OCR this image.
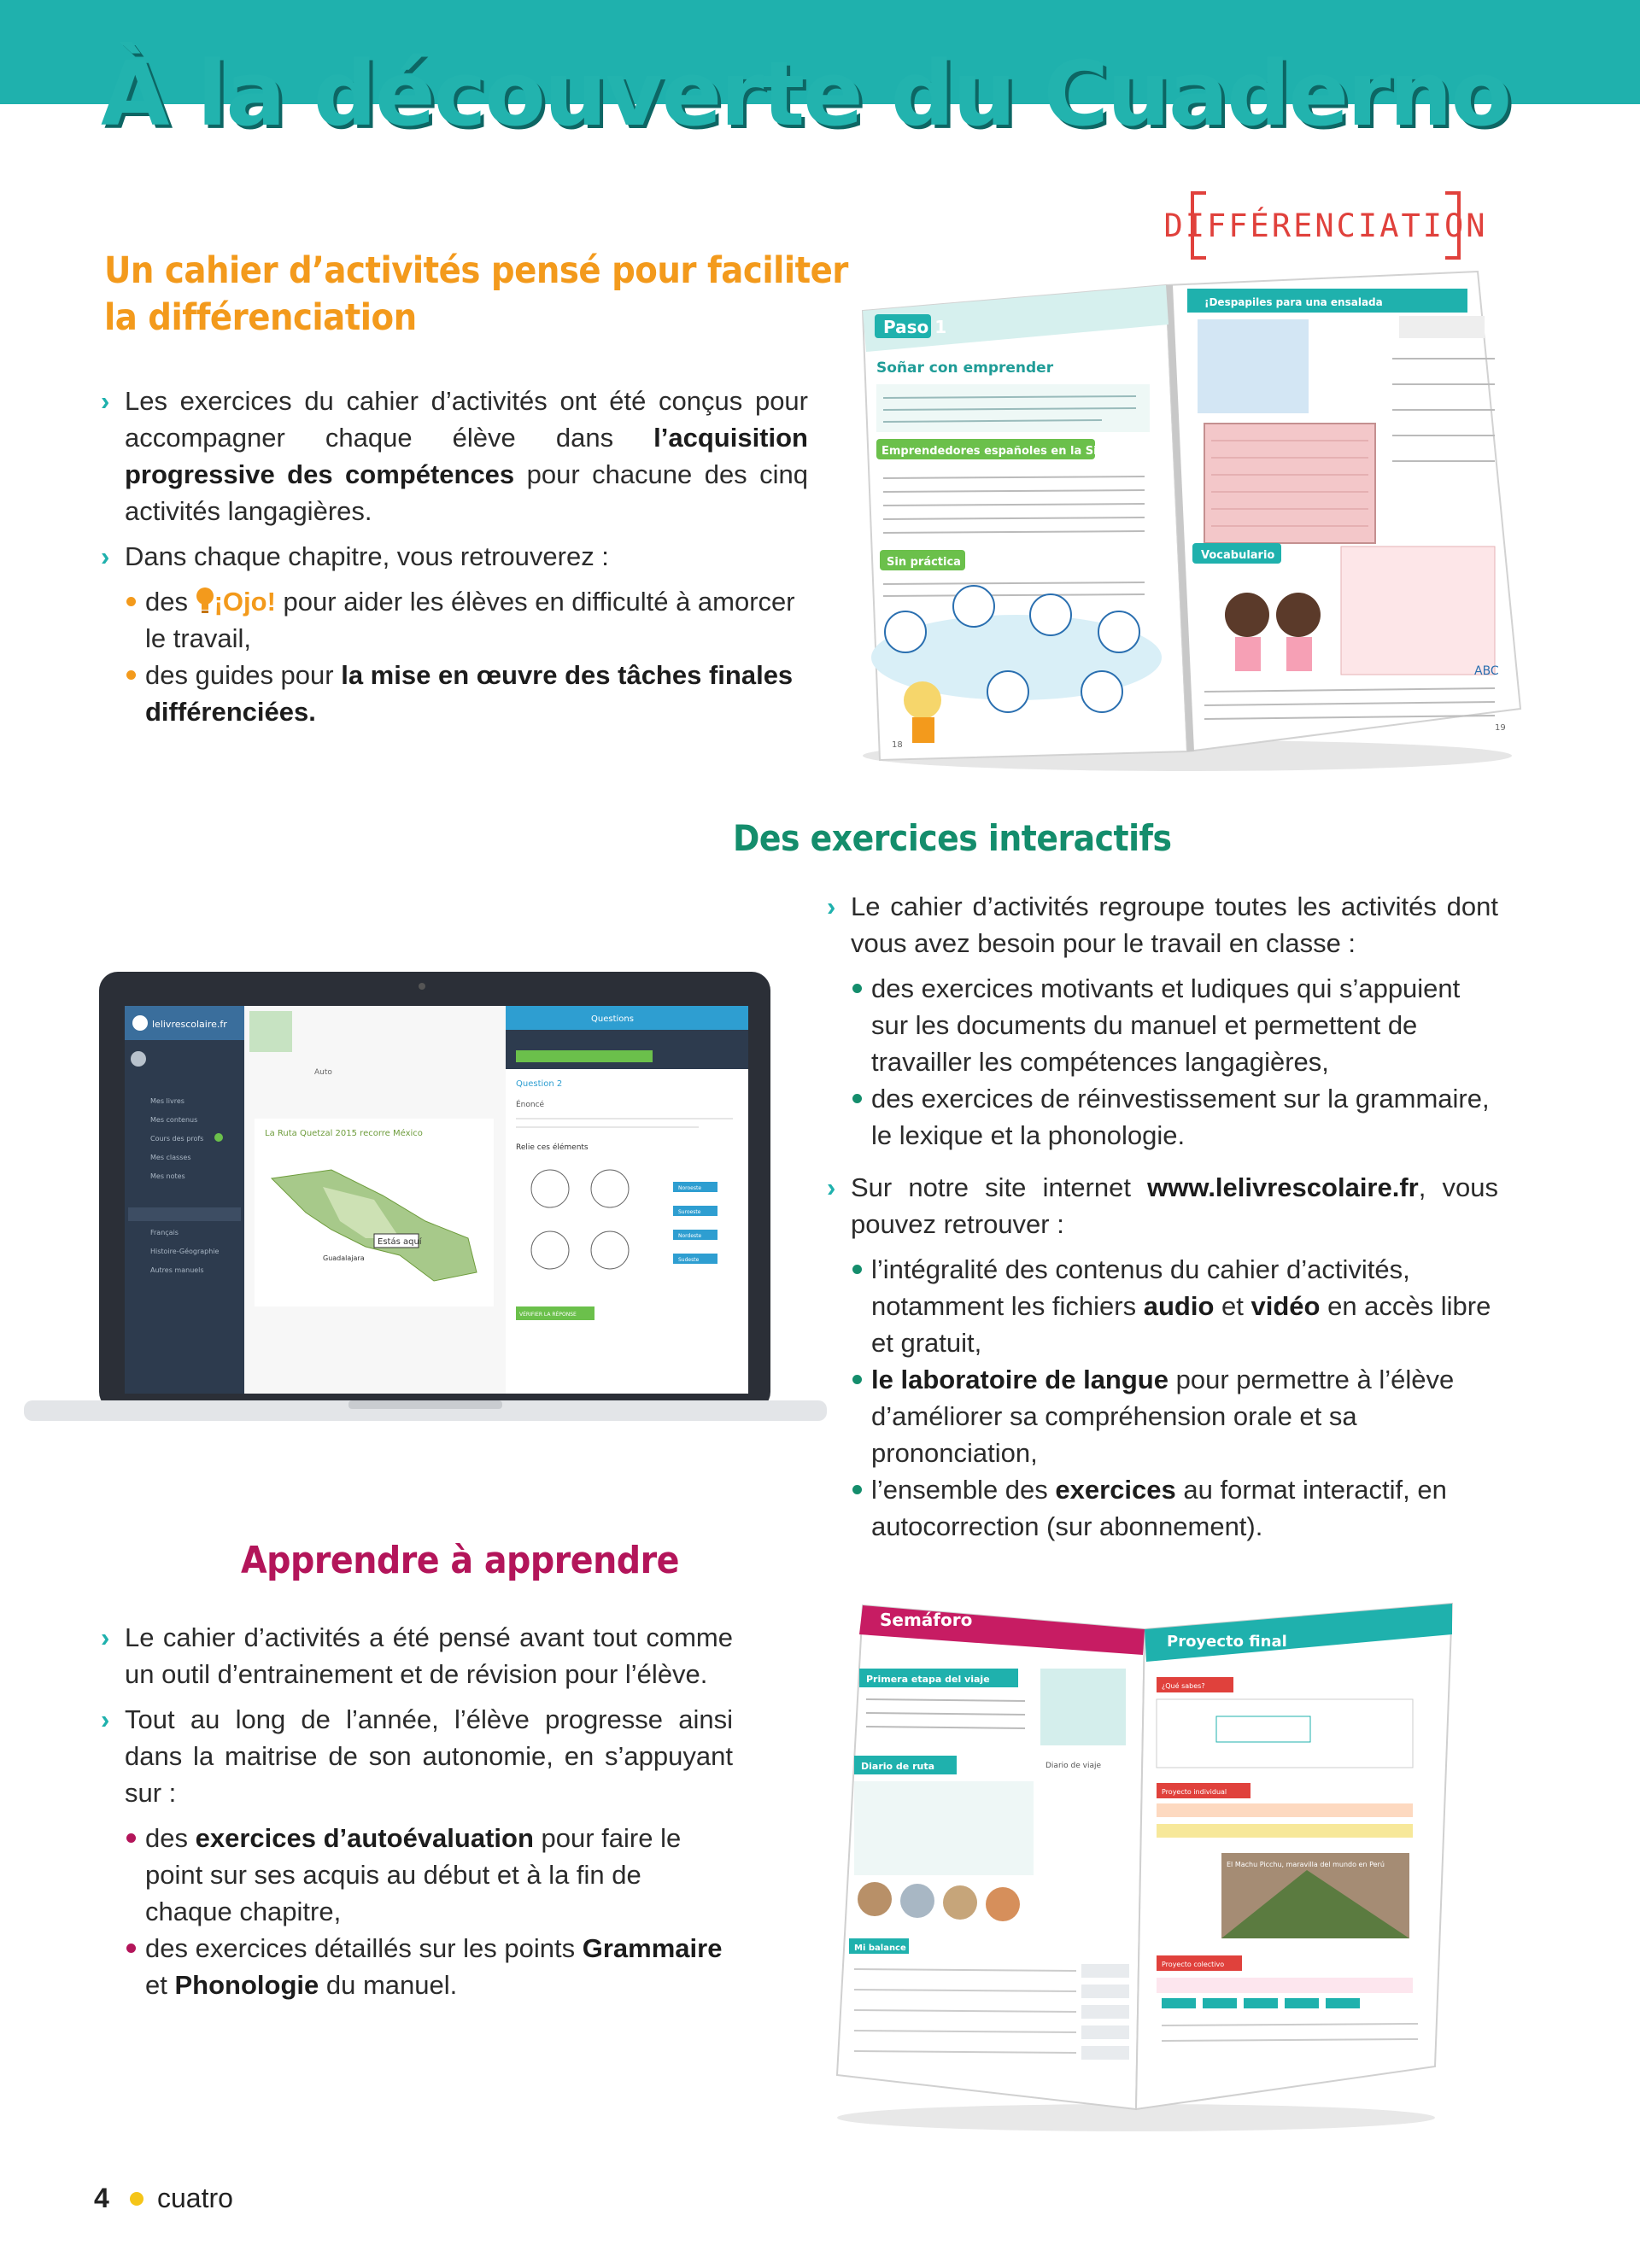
À la découverte du Cuaderno
Un cahier d’activités pensé pour faciliter
la différenciation
› Les exercices du cahier d’activités ont été conçus pour accompagner chaque élève dans l’acquisition progressive des compétences pour chacune des cinq activités langagières.
› Dans chaque chapitre, vous retrouverez :
des ¡Ojo! pour aider les élèves en difficulté à amorcer le travail,
des guides pour la mise en œuvre des tâches finales différenciées.
DIFFÉRENCIATION
Paso 1
Soñar con emprender
Emprendedores españoles en la Silicon Valley
Sin práctica
18
¡Despapiles para una ensalada
Vocabulario
ABC
19
Des exercices interactifs
› Le cahier d’activités regroupe toutes les activités dont vous avez besoin pour le travail en classe :
des exercices motivants et ludiques qui s’appuient sur les documents du manuel et permettent de travailler les compétences langagières,
des exercices de réinvestissement sur la grammaire, le lexique et la phonologie.
› Sur notre site internet www.lelivrescolaire.fr, vous pouvez retrouver :
l’intégralité des contenus du cahier d’activités, notamment les fichiers audio et vidéo en accès libre et gratuit,
le laboratoire de langue pour permettre à l’élève d’améliorer sa compréhension orale et sa prononciation,
l’ensemble des exercices au format interactif, en autocorrection (sur abonnement).
lelivrescolaire.fr
Mes livres
Mes contenus
Cours des profs
Mes classes
Mes notes
Français
Histoire-Géographie
Autres manuels
Auto
La Ruta Quetzal 2015 recorre México
Estás aquí
Guadalajara
Questions
Question 2
Énoncé
Relie ces éléments
Noroeste
Suroeste
Nordeste
Sudeste
VÉRIFIER LA RÉPONSE
Apprendre à apprendre
› Le cahier d’activités a été pensé avant tout comme un outil d’entrainement et de révision pour l’élève.
› Tout au long de l’année, l’élève progresse ainsi dans la maitrise de son autonomie, en s’appuyant sur :
des exercices d’autoévaluation pour faire le point sur ses acquis au début et à la fin de chaque chapitre,
des exercices détaillés sur les points Grammaire et Phonologie du manuel.
Semáforo
Primera etapa del viaje
Diario de ruta	Diario de viaje
Mi balance
Proyecto final
¿Qué sabes?
Proyecto individual
El Machu Picchu, maravilla del mundo en Perú
Proyecto colectivo
4 cuatro
